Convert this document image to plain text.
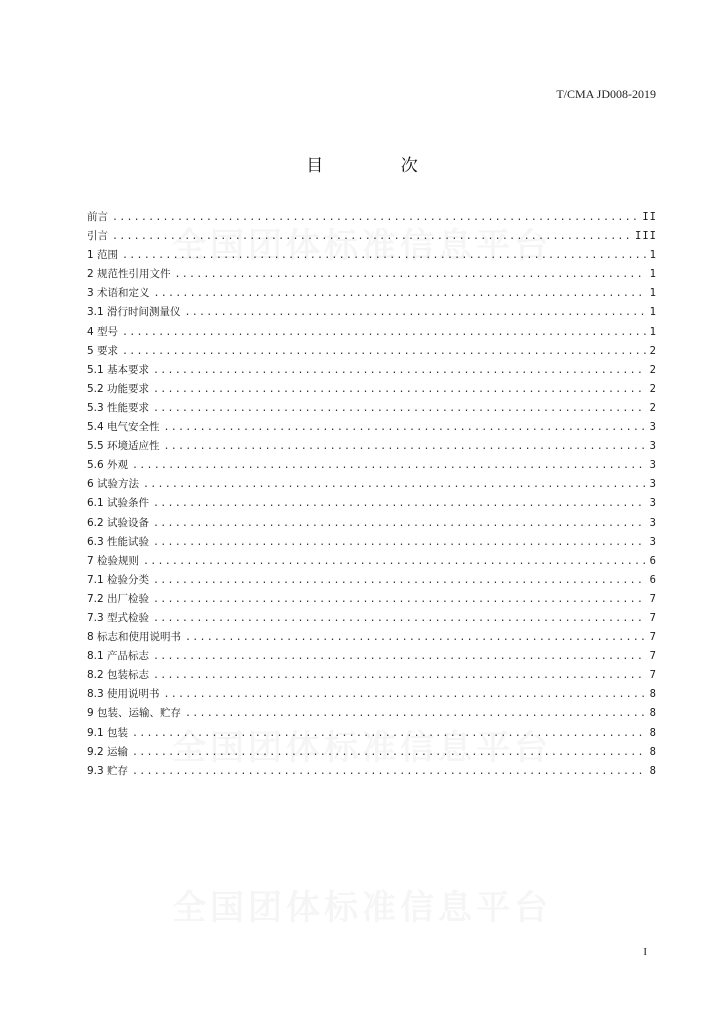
T/CMA JD008-2019
目 次
全国团体标准信息平台
全国团体标准信息平台
全国团体标准信息平台
前言 .....	II
引言 .....	III
1 范围 .....	1
2 规范性引用文件 .....	1
3 术语和定义 .....	1
3.1 滑行时间测量仪 .....	1
4 型号 .....	1
5 要求 .....	2
5.1 基本要求 .....	2
5.2 功能要求 .....	2
5.3 性能要求 .....	2
5.4 电气安全性 .....	3
5.5 环境适应性 .....	3
5.6 外观 .....	3
6 试验方法 .....	3
6.1 试验条件 .....	3
6.2 试验设备 .....	3
6.3 性能试验 .....	3
7 检验规则 .....	6
7.1 检验分类 .....	6
7.2 出厂检验 .....	7
7.3 型式检验 .....	7
8 标志和使用说明书 .....	7
8.1 产品标志 .....	7
8.2 包装标志 .....	7
8.3 使用说明书 .....	8
9 包装、运输、贮存 .....	8
9.1 包装 .....	8
9.2 运输 .....	8
9.3 贮存 .....	8
I
